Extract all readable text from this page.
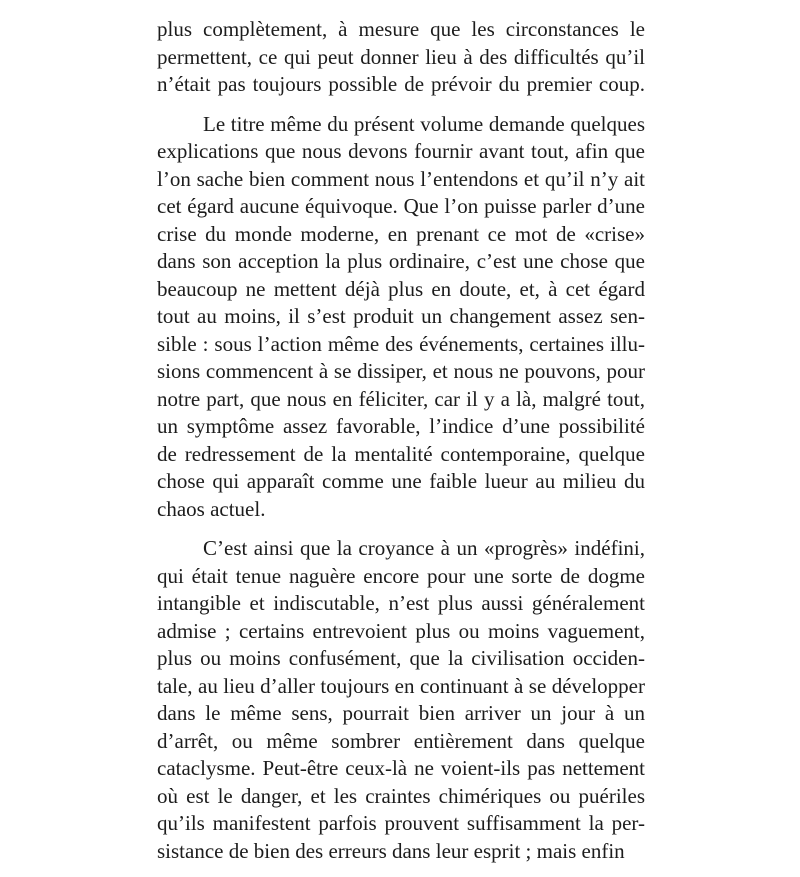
plus complètement, à mesure que les circonstances le
permettent, ce qui peut donner lieu à des difficultés qu’il
n’était pas toujours possible de prévoir du premier coup.
Le titre même du présent volume demande quelques
explications que nous devons fournir avant tout, afin que
l’on sache bien comment nous l’entendons et qu’il n’y ait
cet égard aucune équivoque. Que l’on puisse parler d’une
crise du monde moderne, en prenant ce mot de «crise»
dans son acception la plus ordinaire, c’est une chose que
beaucoup ne mettent déjà plus en doute, et, à cet égard
tout au moins, il s’est produit un changement assez sen-
sible : sous l’action même des événements, certaines illu-
sions commencent à se dissiper, et nous ne pouvons, pour
notre part, que nous en féliciter, car il y a là, malgré tout,
un symptôme assez favorable, l’indice d’une possibilité
de redressement de la mentalité contemporaine, quelque
chose qui apparaît comme une faible lueur au milieu du
chaos actuel.
C’est ainsi que la croyance à un «progrès» indéfini,
qui était tenue naguère encore pour une sorte de dogme
intangible et indiscutable, n’est plus aussi généralement
admise ; certains entrevoient plus ou moins vaguement,
plus ou moins confusément, que la civilisation occiden-
tale, au lieu d’aller toujours en continuant à se développer
dans le même sens, pourrait bien arriver un jour à un
d’arrêt, ou même sombrer entièrement dans quelque
cataclysme. Peut-être ceux-là ne voient-ils pas nettement
où est le danger, et les craintes chimériques ou puériles
qu’ils manifestent parfois prouvent suffisamment la per-
sistance de bien des erreurs dans leur esprit ; mais enfin
